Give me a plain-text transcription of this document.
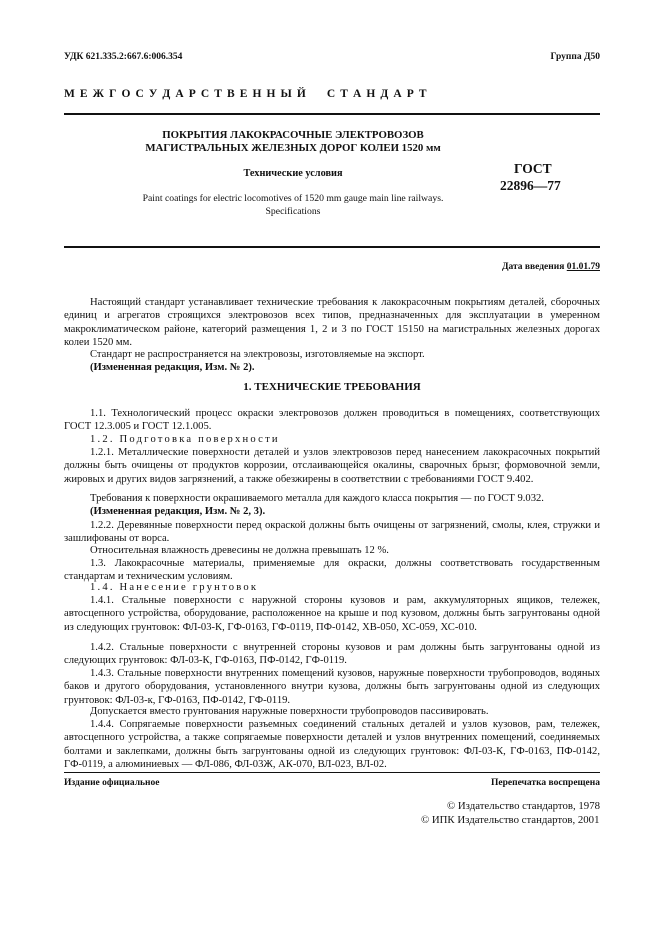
УДК 621.335.2:667.6:006.354	Группа Д50
М Е Ж Г О С У Д А Р С Т В Е Н Н Ы Й     С Т А Н Д А Р Т
ПОКРЫТИЯ ЛАКОКРАСОЧНЫЕ ЭЛЕКТРОВОЗОВ
МАГИСТРАЛЬНЫХ ЖЕЛЕЗНЫХ ДОРОГ КОЛЕИ 1520 мм
Технические условия
Paint coatings for electric locomotives of 1520 mm gauge main line railways.
Specifications
ГОСТ
22896—77
Дата введения 01.01.79

Настоящий стандарт устанавливает технические требования к лакокрасочным покрытиям деталей, сборочных единиц и агрегатов строящихся электровозов всех типов, предназначенных для эксплуатации в умеренном макроклиматическом районе, категорий размещения 1, 2 и 3 по ГОСТ 15150 на магистральных железных дорогах колеи 1520 мм.

Стандарт не распространяется на электровозы, изготовляемые на экспорт.

(Измененная редакция, Изм. № 2).

1. ТЕХНИЧЕСКИЕ ТРЕБОВАНИЯ

1.1. Технологический процесс окраски электровозов должен проводиться в помещениях, соответствующих ГОСТ 12.3.005 и ГОСТ 12.1.005.

1.2. Подготовка поверхности

1.2.1. Металлические поверхности деталей и узлов электровозов перед нанесением лакокрасочных покрытий должны быть очищены от продуктов коррозии, отслаивающейся окалины, сварочных брызг, формовочной земли, жировых и других видов загрязнений, а также обезжирены в соответствии с требованиями ГОСТ 9.402.

Требования к поверхности окрашиваемого металла для каждого класса покрытия — по ГОСТ 9.032.

(Измененная редакция, Изм. № 2, 3).

1.2.2. Деревянные поверхности перед окраской должны быть очищены от загрязнений, смолы, клея, стружки и зашлифованы от ворса.

Относительная влажность древесины не должна превышать 12 %.

1.3. Лакокрасочные материалы, применяемые для окраски, должны соответствовать государственным стандартам и техническим условиям.

1.4. Нанесение грунтовок

1.4.1. Стальные поверхности с наружной стороны кузовов и рам, аккумуляторных ящиков, тележек, автосцепного устройства, оборудование, расположенное на крыше и под кузовом, должны быть загрунтованы одной из следующих грунтовок: ФЛ-03-К, ГФ-0163, ГФ-0119, ПФ-0142, ХВ-050, ХС-059, ХС-010.

1.4.2. Стальные поверхности с внутренней стороны кузовов и рам должны быть загрунтованы одной из следующих грунтовок: ФЛ-03-К, ГФ-0163, ПФ-0142, ГФ-0119.

1.4.3. Стальные поверхности внутренних помещений кузовов, наружные поверхности трубопроводов, водяных баков и другого оборудования, установленного внутри кузова, должны быть загрунтованы одной из следующих грунтовок: ФЛ-03-к, ГФ-0163, ПФ-0142, ГФ-0119.

Допускается вместо грунтования наружные поверхности трубопроводов пассивировать.

1.4.4. Сопрягаемые поверхности разъемных соединений стальных деталей и узлов кузовов, рам, тележек, автосцепного устройства, а также сопрягаемые поверхности деталей и узлов внутренних помещений, соединяемых болтами и заклепками, должны быть загрунтованы одной из следующих грунтовок: ФЛ-03-К, ГФ-0163, ПФ-0142, ГФ-0119, а алюминиевых — ФЛ-086, ФЛ-03Ж, АК-070, ВЛ-023, ВЛ-02.

Издание официальное	Перепечатка воспрещена
© Издательство стандартов, 1978
© ИПК Издательство стандартов, 2001
